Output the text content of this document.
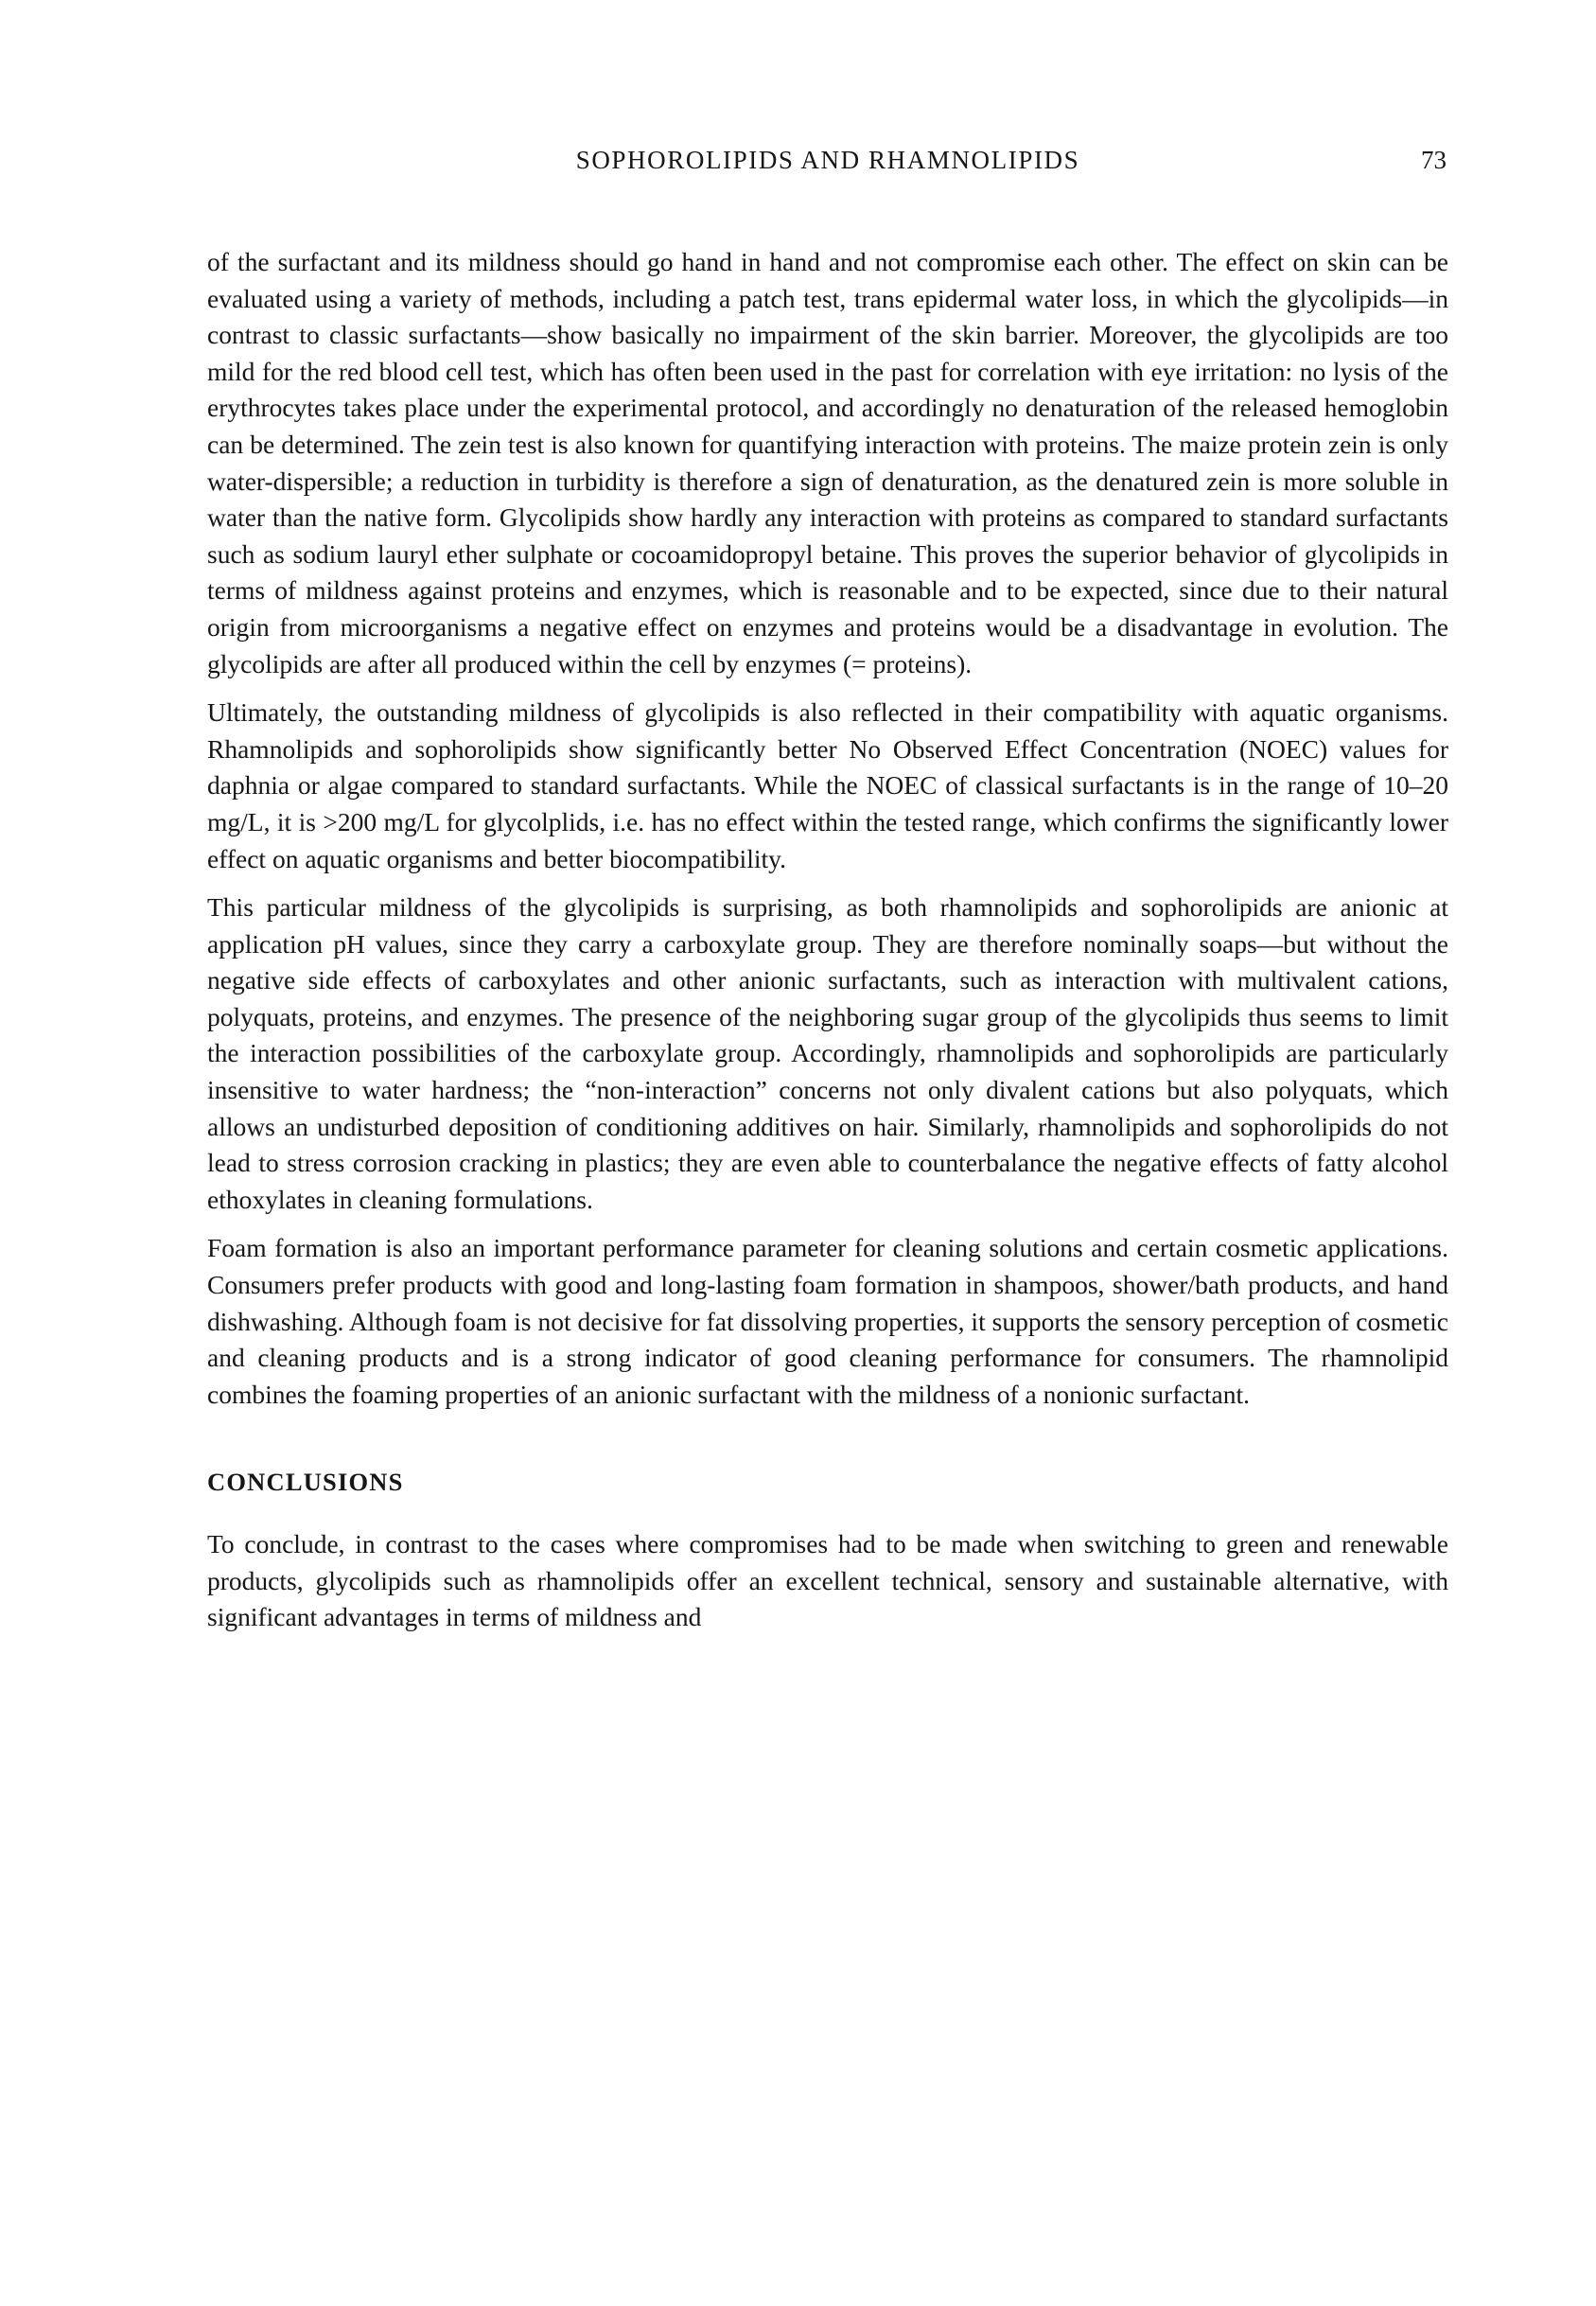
SOPHOROLIPIDS AND RHAMNOLIPIDS	73

of the surfactant and its mildness should go hand in hand and not compromise each other. The effect on skin can be evaluated using a variety of methods, including a patch test, trans epidermal water loss, in which the glycolipids—in contrast to classic surfactants—show basically no impairment of the skin barrier. Moreover, the glycolipids are too mild for the red blood cell test, which has often been used in the past for correlation with eye irritation: no lysis of the erythrocytes takes place under the experimental protocol, and accordingly no denaturation of the released hemoglobin can be determined. The zein test is also known for quantifying interaction with proteins. The maize protein zein is only water-dispersible; a reduction in turbidity is therefore a sign of denaturation, as the denatured zein is more soluble in water than the native form. Glycolipids show hardly any interaction with proteins as compared to standard surfactants such as sodium lauryl ether sulphate or cocoamidopropyl betaine. This proves the superior behavior of glycolipids in terms of mildness against proteins and enzymes, which is reasonable and to be expected, since due to their natural origin from microorganisms a negative effect on enzymes and proteins would be a disadvantage in evolution. The glycolipids are after all produced within the cell by enzymes (= proteins).

Ultimately, the outstanding mildness of glycolipids is also reflected in their compatibility with aquatic organisms. Rhamnolipids and sophorolipids show significantly better No Observed Effect Concentration (NOEC) values for daphnia or algae compared to standard surfactants. While the NOEC of classical surfactants is in the range of 10–20 mg/L, it is >200 mg/L for glycolplids, i.e. has no effect within the tested range, which confirms the significantly lower effect on aquatic organisms and better biocompatibility.

This particular mildness of the glycolipids is surprising, as both rhamnolipids and sophorolipids are anionic at application pH values, since they carry a carboxylate group. They are therefore nominally soaps—but without the negative side effects of carboxylates and other anionic surfactants, such as interaction with multivalent cations, polyquats, proteins, and enzymes. The presence of the neighboring sugar group of the glycolipids thus seems to limit the interaction possibilities of the carboxylate group. Accordingly, rhamnolipids and sophorolipids are particularly insensitive to water hardness; the “non-interaction” concerns not only divalent cations but also polyquats, which allows an undisturbed deposition of conditioning additives on hair. Similarly, rhamnolipids and sophorolipids do not lead to stress corrosion cracking in plastics; they are even able to counterbalance the negative effects of fatty alcohol ethoxylates in cleaning formulations.

Foam formation is also an important performance parameter for cleaning solutions and certain cosmetic applications. Consumers prefer products with good and long-lasting foam formation in shampoos, shower/bath products, and hand dishwashing. Although foam is not decisive for fat dissolving properties, it supports the sensory perception of cosmetic and cleaning products and is a strong indicator of good cleaning performance for consumers. The rhamnolipid combines the foaming properties of an anionic surfactant with the mildness of a nonionic surfactant.

CONCLUSIONS

To conclude, in contrast to the cases where compromises had to be made when switching to green and renewable products, glycolipids such as rhamnolipids offer an excellent technical, sensory and sustainable alternative, with significant advantages in terms of mildness and
